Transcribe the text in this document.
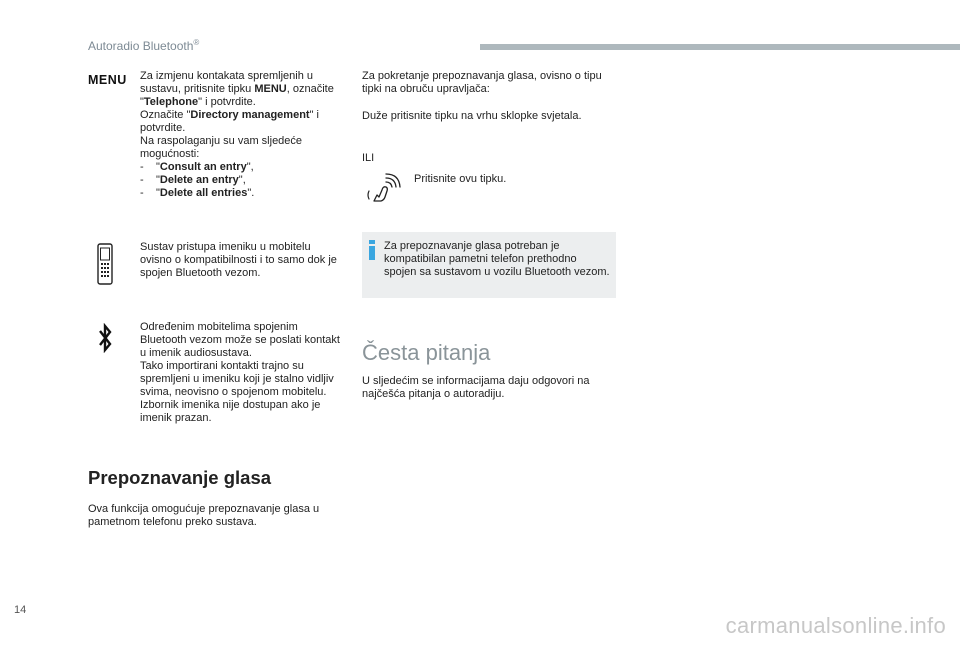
Autoradio Bluetooth®
MENU Za izmjenu kontakata spremljenih u sustavu, pritisnite tipku MENU, označite "Telephone" i potvrdite.

Označite "Directory management" i potvrdite.

Na raspolaganju su vam sljedeće mogućnosti:

- "Consult an entry",

- "Delete an entry",

- "Delete all entries".

Sustav pristupa imeniku u mobitelu ovisno o kompatibilnosti i to samo dok je spojen Bluetooth vezom.

Određenim mobitelima spojenim Bluetooth vezom može se poslati kontakt u imenik audiosustava.

Tako importirani kontakti trajno su spremljeni u imeniku koji je stalno vidljiv svima, neovisno o spojenom mobitelu.

Izbornik imenika nije dostupan ako je imenik prazan.

Prepoznavanje glasa

Ova funkcija omogućuje prepoznavanje glasa u pametnom telefonu preko sustava.

Za pokretanje prepoznavanja glasa, ovisno o tipu tipki na obruču upravljača:

Duže pritisnite tipku na vrhu sklopke svjetala.

ILI

Pritisnite ovu tipku.

Za prepoznavanje glasa potreban je kompatibilan pametni telefon prethodno spojen sa sustavom u vozilu Bluetooth vezom.
Česta pitanja

U sljedećim se informacijama daju odgovori na najčešća pitanja o autoradiju.

14
carmanualsonline.info
